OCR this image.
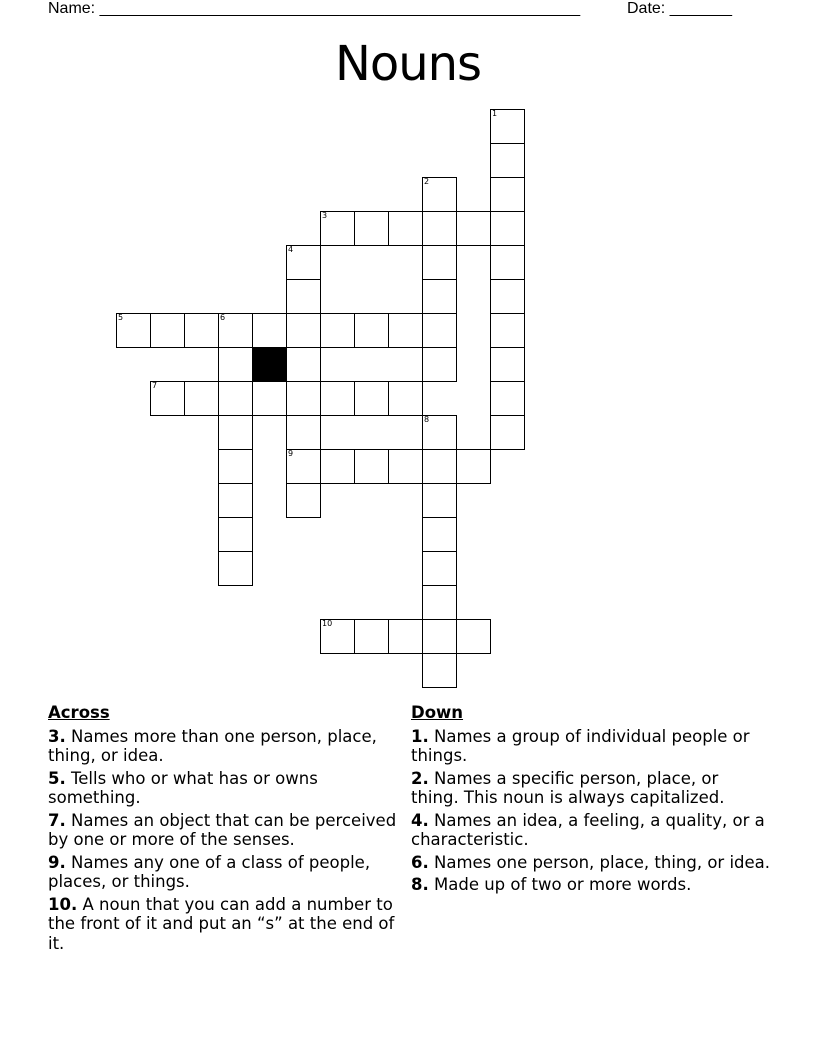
Name: ______________________________________________________	Date: _______
Nouns
1
2
3
4
5	6
7
8
9
10
Across
3. Names more than one person, place, thing, or idea.
5. Tells who or what has or owns something.
7. Names an object that can be perceived by one or more of the senses.
9. Names any one of a class of people, places, or things.
10. A noun that you can add a number to the front of it and put an “s” at the end of it.
Down
1. Names a group of individual people or things.
2. Names a specific person, place, or thing. This noun is always capitalized.
4. Names an idea, a feeling, a quality, or a characteristic.
6. Names one person, place, thing, or idea.
8. Made up of two or more words.
